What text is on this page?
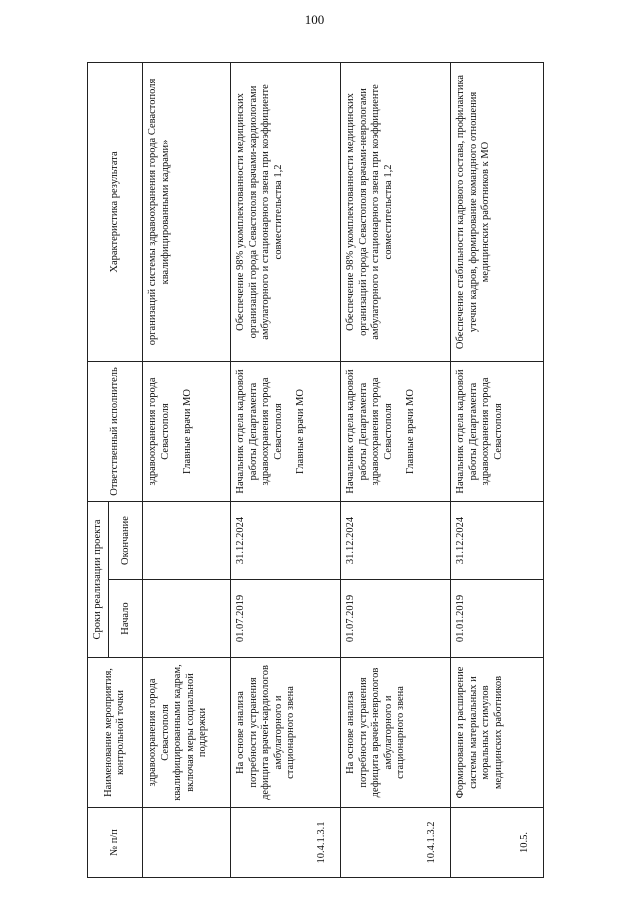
100
№ п/п	Наименование мероприятия, контрольной точки	Сроки реализации проекта		Ответственный исполнитель	Характеристика результата
		Начало	Окончание		
	здравоохранения города Севастополя квалифицированными кадрам, включая меры социальной поддержки			здравоохранения города Севастополя Главные врачи МО	организаций системы здравоохранения города Севастополя квалифицированными кадрами»
10.4.1.3.1	На основе анализа потребности устранения дефицита врачей-кардиологов амбулаторного и стационарного звена	01.07.2019	31.12.2024	Начальник отдела кадровой работы Департамента здравоохранения города Севастополя Главные врачи МО	Обеспечение 98% укомплектованности медицинских организаций города Севастополя врачами-кардиологами амбулаторного и стационарного звена при коэффициенте совместительства 1,2
10.4.1.3.2	На основе анализа потребности устранения дефицита врачей-неврологов амбулаторного и стационарного звена	01.07.2019	31.12.2024	Начальник отдела кадровой работы Департамента здравоохранения города Севастополя Главные врачи МО	Обеспечение 98% укомплектованности медицинских организаций города Севастополя врачами-неврологами амбулаторного и стационарного звена при коэффициенте совместительства 1,2
10.5.	Формирование и расширение системы материальных и моральных стимулов медицинских работников	01.01.2019	31.12.2024	Начальник отдела кадровой работы Департамента здравоохранения города Севастополя	Обеспечение стабильности кадрового состава, профилактика утечки кадров, формирование командного отношения медицинских работников к МО
